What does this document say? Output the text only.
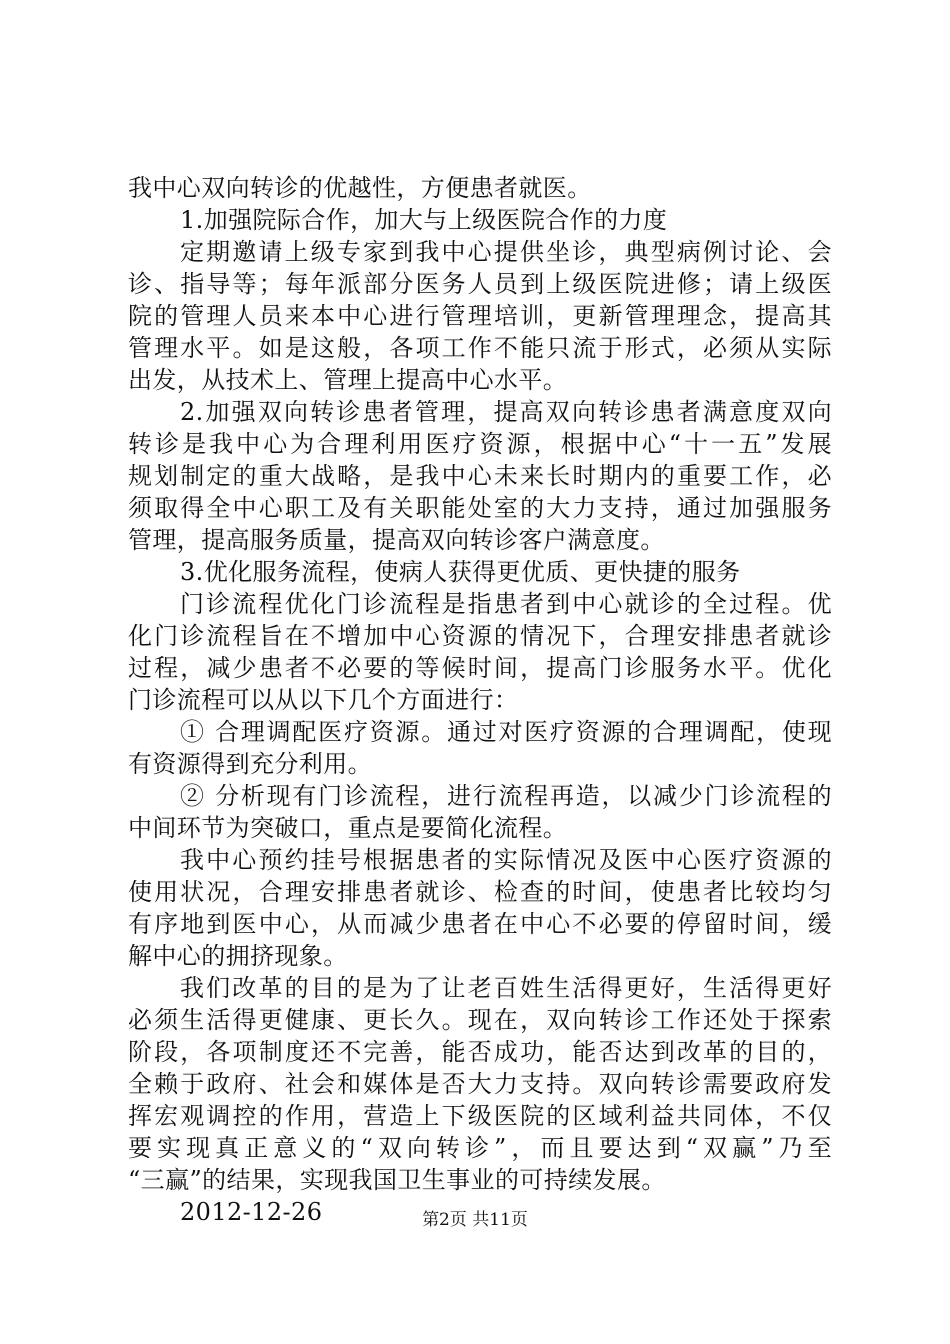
我中心双向转诊的优越性，方便患者就医。
1.加强院际合作，加大与上级医院合作的力度
定期邀请上级专家到我中心提供坐诊，典型病例讨论、会
诊、指导等；每年派部分医务人员到上级医院进修；请上级医
院的管理人员来本中心进行管理培训，更新管理理念，提高其
管理水平。如是这般，各项工作不能只流于形式，必须从实际
出发，从技术上、管理上提高中心水平。
2.加强双向转诊患者管理，提高双向转诊患者满意度双向
转诊是我中心为合理利用医疗资源，根据中心“十一五”发展
规划制定的重大战略，是我中心未来长时期内的重要工作，必
须取得全中心职工及有关职能处室的大力支持，通过加强服务
管理，提高服务质量，提高双向转诊客户满意度。
3.优化服务流程，使病人获得更优质、更快捷的服务
门诊流程优化门诊流程是指患者到中心就诊的全过程。优
化门诊流程旨在不增加中心资源的情况下，合理安排患者就诊
过程，减少患者不必要的等候时间，提高门诊服务水平。优化
门诊流程可以从以下几个方面进行：
① 合理调配医疗资源。通过对医疗资源的合理调配，使现
有资源得到充分利用。
② 分析现有门诊流程，进行流程再造，以减少门诊流程的
中间环节为突破口，重点是要简化流程。
我中心预约挂号根据患者的实际情况及医中心医疗资源的
使用状况，合理安排患者就诊、检查的时间，使患者比较均匀
有序地到医中心，从而减少患者在中心不必要的停留时间，缓
解中心的拥挤现象。
我们改革的目的是为了让老百姓生活得更好，生活得更好
必须生活得更健康、更长久。现在，双向转诊工作还处于探索
阶段，各项制度还不完善，能否成功，能否达到改革的目的，
全赖于政府、社会和媒体是否大力支持。双向转诊需要政府发
挥宏观调控的作用，营造上下级医院的区域利益共同体，不仅
要实现真正意义的“双向转诊”，而且要达到“双赢”乃至
“三赢”的结果，实现我国卫生事业的可持续发展。
2012-12-26	第2页 共11页
